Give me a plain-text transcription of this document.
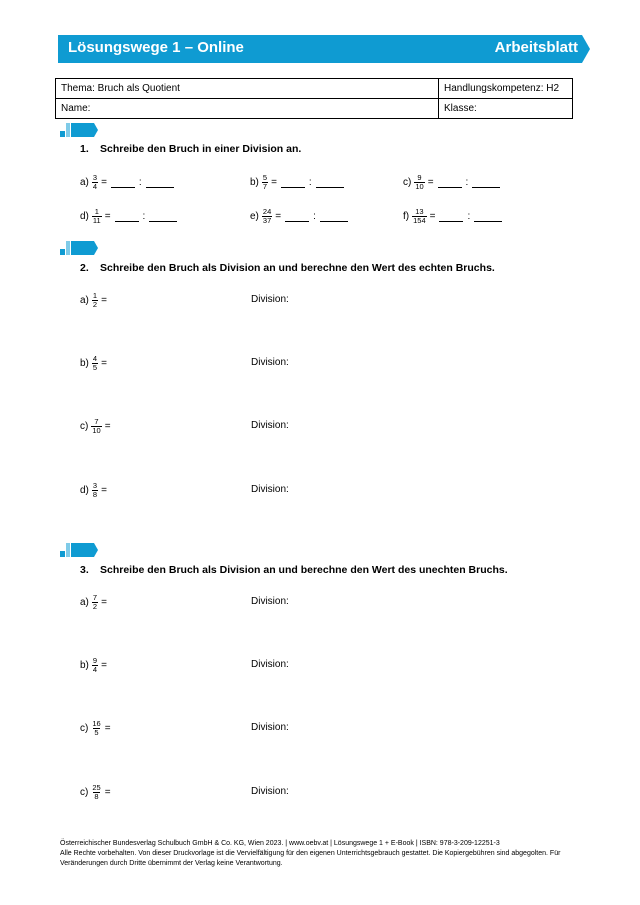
Lösungswege 1 – Online	Arbeitsblatt
Thema: Bruch als Quotient	Handlungskompetenz: H2
Name:	Klasse:
1. Schreibe den Bruch in einer Division an.
$a) \frac{3}{4}$ =	:	$b) \frac{5}{7}$ =	:	$c) \frac{9}{10}$ =	:
$d) \frac{1}{11}$ =	:	$e) \frac{24}{37}$ =	:	$f) \frac{13}{154}$ =	:
2. Schreibe den Bruch als Division an und berechne den Wert des echten Bruchs.
$a) \frac{1}{2}$ =	Division:
$b) \frac{4}{5}$ =	Division:
$c) \frac{7}{10}$ =	Division:
$d) \frac{3}{8}$ =	Division:
3. Schreibe den Bruch als Division an und berechne den Wert des unechten Bruchs.
$a) \frac{7}{2}$ =	Division:
$b) \frac{9}{4}$ =	Division:
$c) \frac{16}{5}$ =	Division:
$c) \frac{25}{8}$ =	Division:
Österreichischer Bundesverlag Schulbuch GmbH & Co. KG, Wien 2023. | www.oebv.at | Lösungswege 1 + E-Book | ISBN: 978-3-209-12251-3
Alle Rechte vorbehalten. Von dieser Druckvorlage ist die Vervielfältigung für den eigenen Unterrichtsgebrauch gestattet. Die Kopiergebühren sind abgegolten. Für Veränderungen durch Dritte übernimmt der Verlag keine Verantwortung.
